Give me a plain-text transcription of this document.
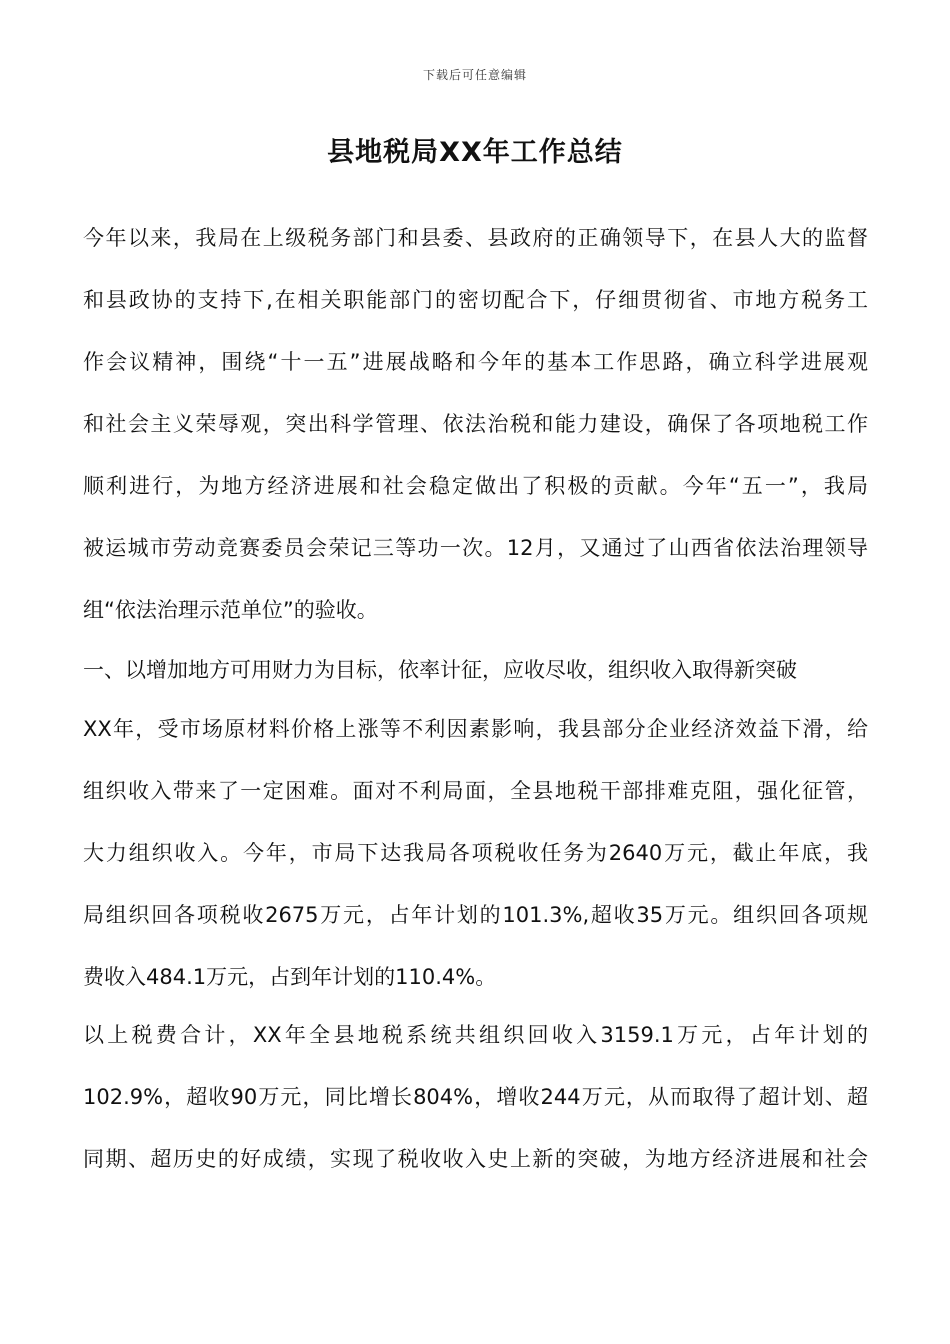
下载后可任意编辑
县地税局XX年工作总结
今年以来，我局在上级税务部门和县委、县政府的正确领导下，在县人大的监督
和县政协的支持下,在相关职能部门的密切配合下，仔细贯彻省、市地方税务工
作会议精神，围绕“十一五”进展战略和今年的基本工作思路，确立科学进展观
和社会主义荣辱观，突出科学管理、依法治税和能力建设，确保了各项地税工作
顺利进行，为地方经济进展和社会稳定做出了积极的贡献。今年“五一”，我局
被运城市劳动竞赛委员会荣记三等功一次。12月，又通过了山西省依法治理领导
组“依法治理示范单位”的验收。
一、以增加地方可用财力为目标，依率计征，应收尽收，组织收入取得新突破
XX年，受市场原材料价格上涨等不利因素影响，我县部分企业经济效益下滑，给
组织收入带来了一定困难。面对不利局面，全县地税干部排难克阻，强化征管，
大力组织收入。今年，市局下达我局各项税收任务为2640万元，截止年底，我
局组织回各项税收2675万元，占年计划的101.3%,超收35万元。组织回各项规
费收入484.1万元，占到年计划的110.4%。
以上税费合计，XX年全县地税系统共组织回收入3159.1万元，占年计划的
102.9%，超收90万元，同比增长804%，增收244万元，从而取得了超计划、超
同期、超历史的好成绩，实现了税收收入史上新的突破，为地方经济进展和社会
